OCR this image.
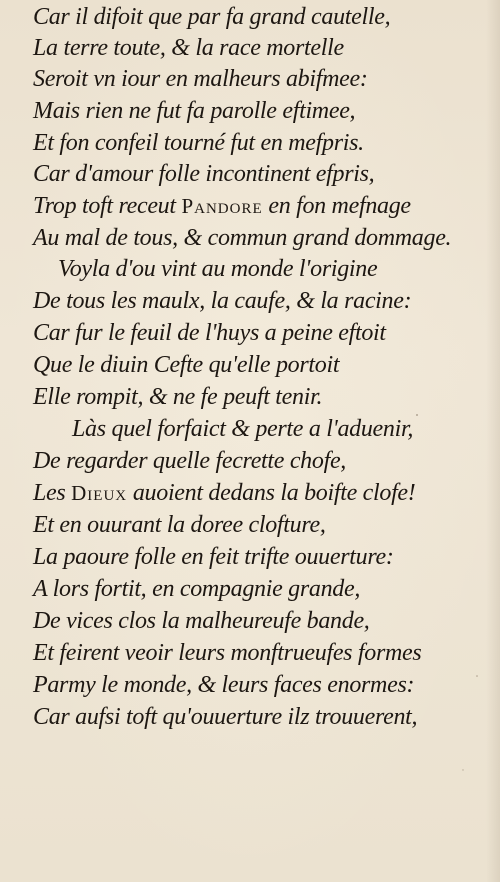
Car il difoit que par fa grand cautelle,
La terre toute, & la race mortelle
Seroit vn iour en malheurs abifmee:
Mais rien ne fut fa parolle eftimee,
Et fon confeil tourné fut en mefpris.
Car d'amour folle incontinent efpris,
Trop toft receut Pandore en fon mefnage
Au mal de tous, & commun grand dommage.
Voyla d'ou vint au monde l'origine
De tous les maulx, la caufe, & la racine:
Car fur le feuil de l'huys a peine eftoit
Que le diuin Cefte qu'elle portoit
Elle rompit, & ne fe peuft tenir.
Làs quel forfaict & perte a l'aduenir,
De regarder quelle fecrette chofe,
Les Dieux auoient dedans la boifte clofe!
Et en ouurant la doree clofture,
La paoure folle en feit trifte ouuerture:
A lors fortit, en compagnie grande,
De vices clos la malheureufe bande,
Et feirent veoir leurs monftrueufes formes
Parmy le monde, & leurs faces enormes:
Car aufsi toft qu'ouuerture ilz trouuerent,
